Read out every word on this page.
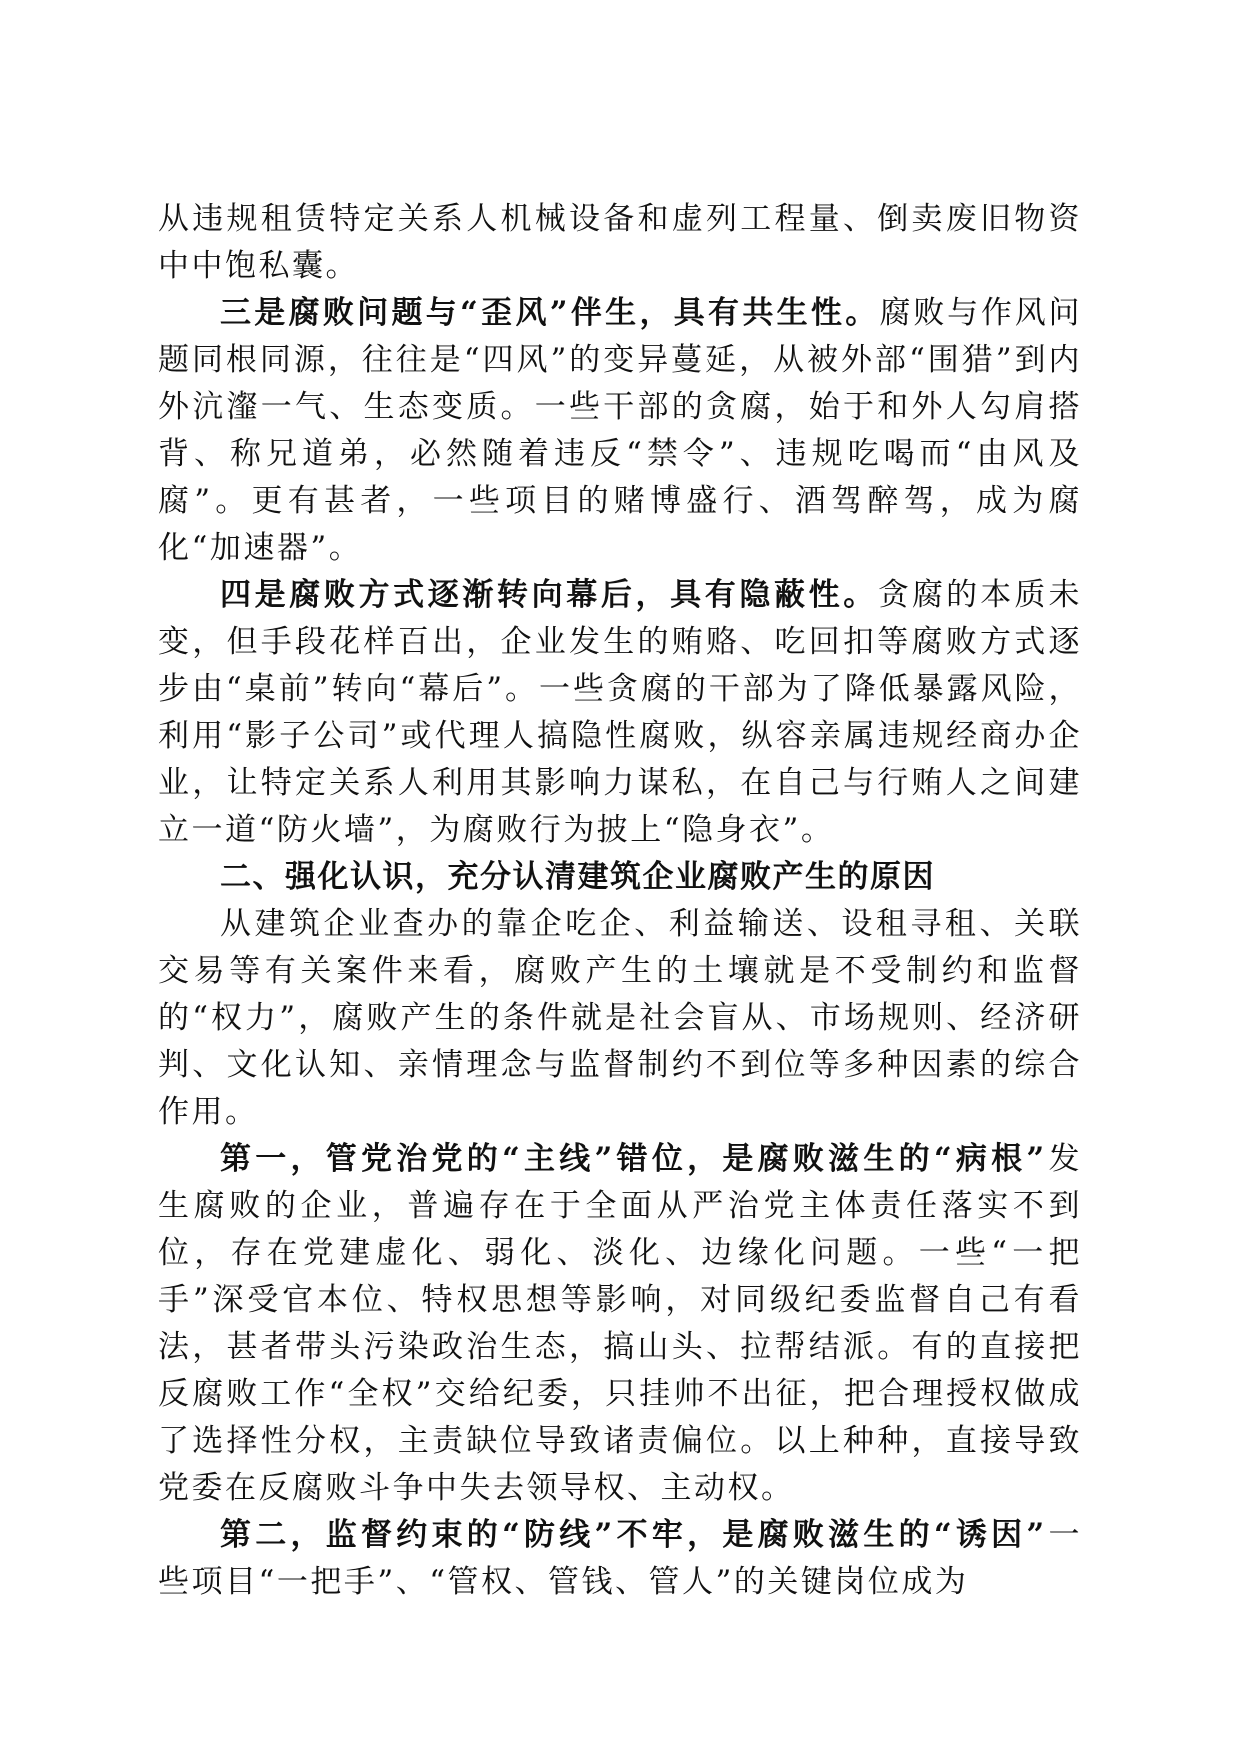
从违规租赁特定关系人机械设备和虚列工程量、倒卖废旧物资中中饱私囊。

三是腐败问题与“歪风”伴生，具有共生性。腐败与作风问题同根同源，往往是“四风”的变异蔓延，从被外部“围猎”到内外沆瀣一气、生态变质。一些干部的贪腐，始于和外人勾肩搭背、称兄道弟，必然随着违反“禁令”、违规吃喝而“由风及腐”。更有甚者，一些项目的赌博盛行、酒驾醉驾，成为腐化“加速器”。

四是腐败方式逐渐转向幕后，具有隐蔽性。贪腐的本质未变，但手段花样百出，企业发生的贿赂、吃回扣等腐败方式逐步由“桌前”转向“幕后”。一些贪腐的干部为了降低暴露风险，利用“影子公司”或代理人搞隐性腐败，纵容亲属违规经商办企业，让特定关系人利用其影响力谋私，在自己与行贿人之间建立一道“防火墙”，为腐败行为披上“隐身衣”。

二、强化认识，充分认清建筑企业腐败产生的原因

从建筑企业查办的靠企吃企、利益输送、设租寻租、关联交易等有关案件来看，腐败产生的土壤就是不受制约和监督的“权力”，腐败产生的条件就是社会盲从、市场规则、经济研判、文化认知、亲情理念与监督制约不到位等多种因素的综合作用。

第一，管党治党的“主线”错位，是腐败滋生的“病根”发生腐败的企业，普遍存在于全面从严治党主体责任落实不到位，存在党建虚化、弱化、淡化、边缘化问题。一些“一把手”深受官本位、特权思想等影响，对同级纪委监督自己有看法，甚者带头污染政治生态，搞山头、拉帮结派。有的直接把反腐败工作“全权”交给纪委，只挂帅不出征，把合理授权做成了选择性分权，主责缺位导致诸责偏位。以上种种，直接导致党委在反腐败斗争中失去领导权、主动权。

第二，监督约束的“防线”不牢，是腐败滋生的“诱因”一些项目“一把手”、“管权、管钱、管人”的关键岗位成为
